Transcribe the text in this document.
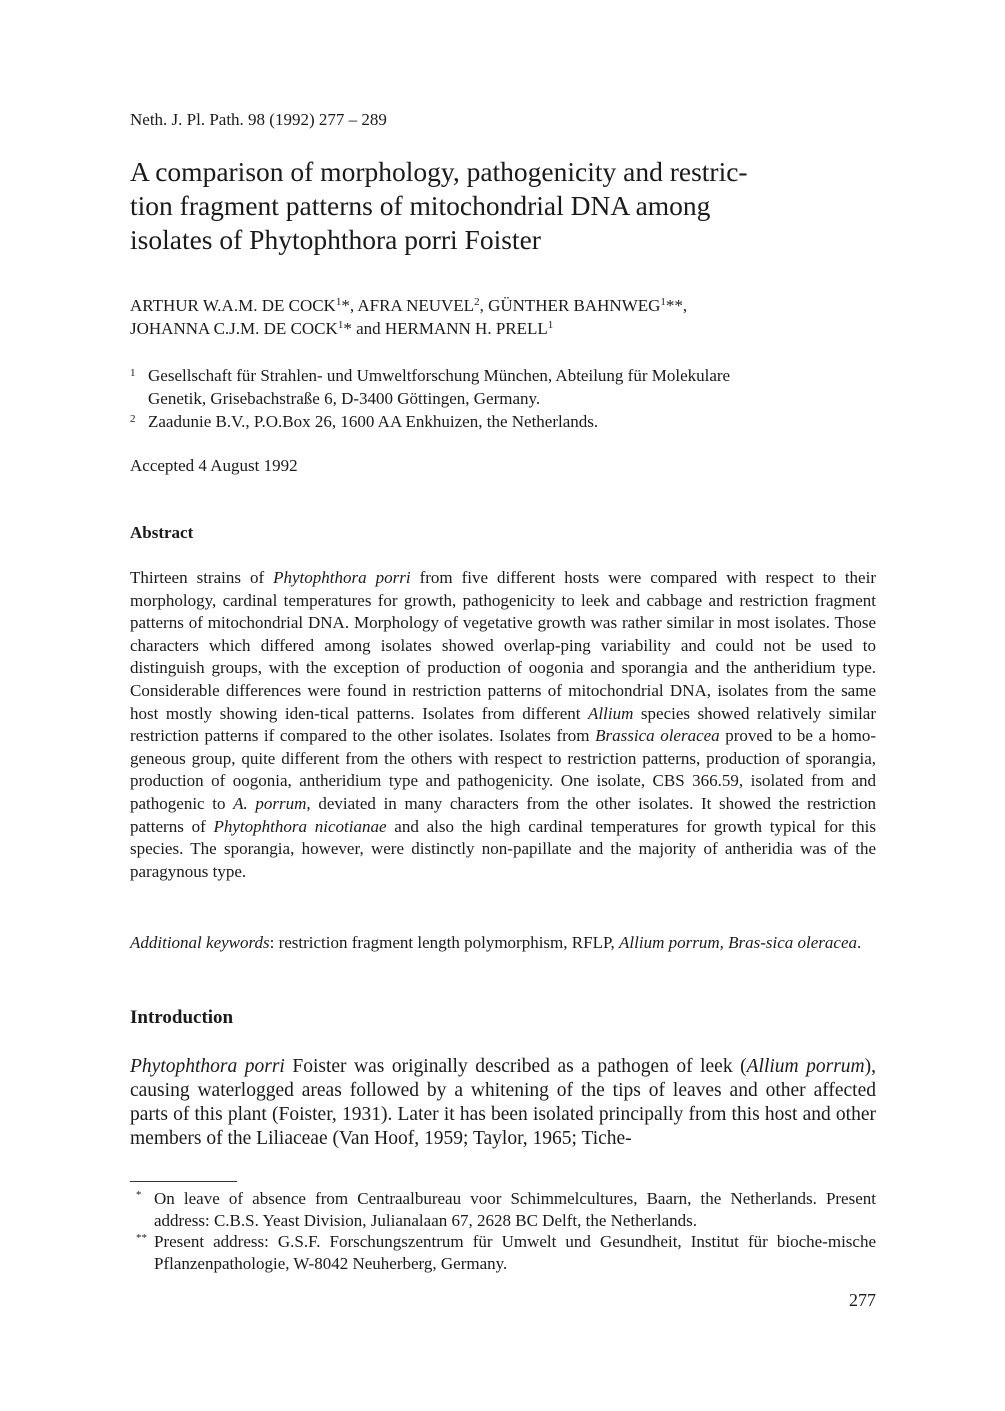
Neth. J. Pl. Path. 98 (1992) 277 – 289
A comparison of morphology, pathogenicity and restric-
tion fragment patterns of mitochondrial DNA among
isolates of Phytophthora porri Foister
ARTHUR W.A.M. DE COCK$^1$*, AFRA NEUVEL$^2$, GÜNTHER BAHNWEG$^1$**,
JOHANNA C.J.M. DE COCK$^1$* and HERMANN H. PRELL$^1$
1 Gesellschaft für Strahlen- und Umweltforschung München, Abteilung für Molekulare
Genetik, Grisebachstraße 6, D-3400 Göttingen, Germany.
2 Zaadunie B.V., P.O.Box 26, 1600 AA Enkhuizen, the Netherlands.
Accepted 4 August 1992
Abstract

Thirteen strains of Phytophthora porri from five different hosts were compared with respect to their morphology, cardinal temperatures for growth, pathogenicity to leek and cabbage and restriction fragment patterns of mitochondrial DNA. Morphology of vegetative growth was rather similar in most isolates. Those characters which differed among isolates showed overlap-ping variability and could not be used to distinguish groups, with the exception of production of oogonia and sporangia and the antheridium type. Considerable differences were found in restriction patterns of mitochondrial DNA, isolates from the same host mostly showing iden-tical patterns. Isolates from different Allium species showed relatively similar restriction patterns if compared to the other isolates. Isolates from Brassica oleracea proved to be a homo-geneous group, quite different from the others with respect to restriction patterns, production of sporangia, production of oogonia, antheridium type and pathogenicity. One isolate, CBS 366.59, isolated from and pathogenic to A. porrum, deviated in many characters from the other isolates. It showed the restriction patterns of Phytophthora nicotianae and also the high cardinal temperatures for growth typical for this species. The sporangia, however, were distinctly non-papillate and the majority of antheridia was of the paragynous type.

Additional keywords: restriction fragment length polymorphism, RFLP, Allium porrum, Bras-sica oleracea.

Introduction

Phytophthora porri Foister was originally described as a pathogen of leek (Allium porrum), causing waterlogged areas followed by a whitening of the tips of leaves and other affected parts of this plant (Foister, 1931). Later it has been isolated principally from this host and other members of the Liliaceae (Van Hoof, 1959; Taylor, 1965; Tiche-

* On leave of absence from Centraalbureau voor Schimmelcultures, Baarn, the Netherlands. Present address: C.B.S. Yeast Division, Julianalaan 67, 2628 BC Delft, the Netherlands.
** Present address: G.S.F. Forschungszentrum für Umwelt und Gesundheit, Institut für bioche-mische Pflanzenpathologie, W-8042 Neuherberg, Germany.
277
